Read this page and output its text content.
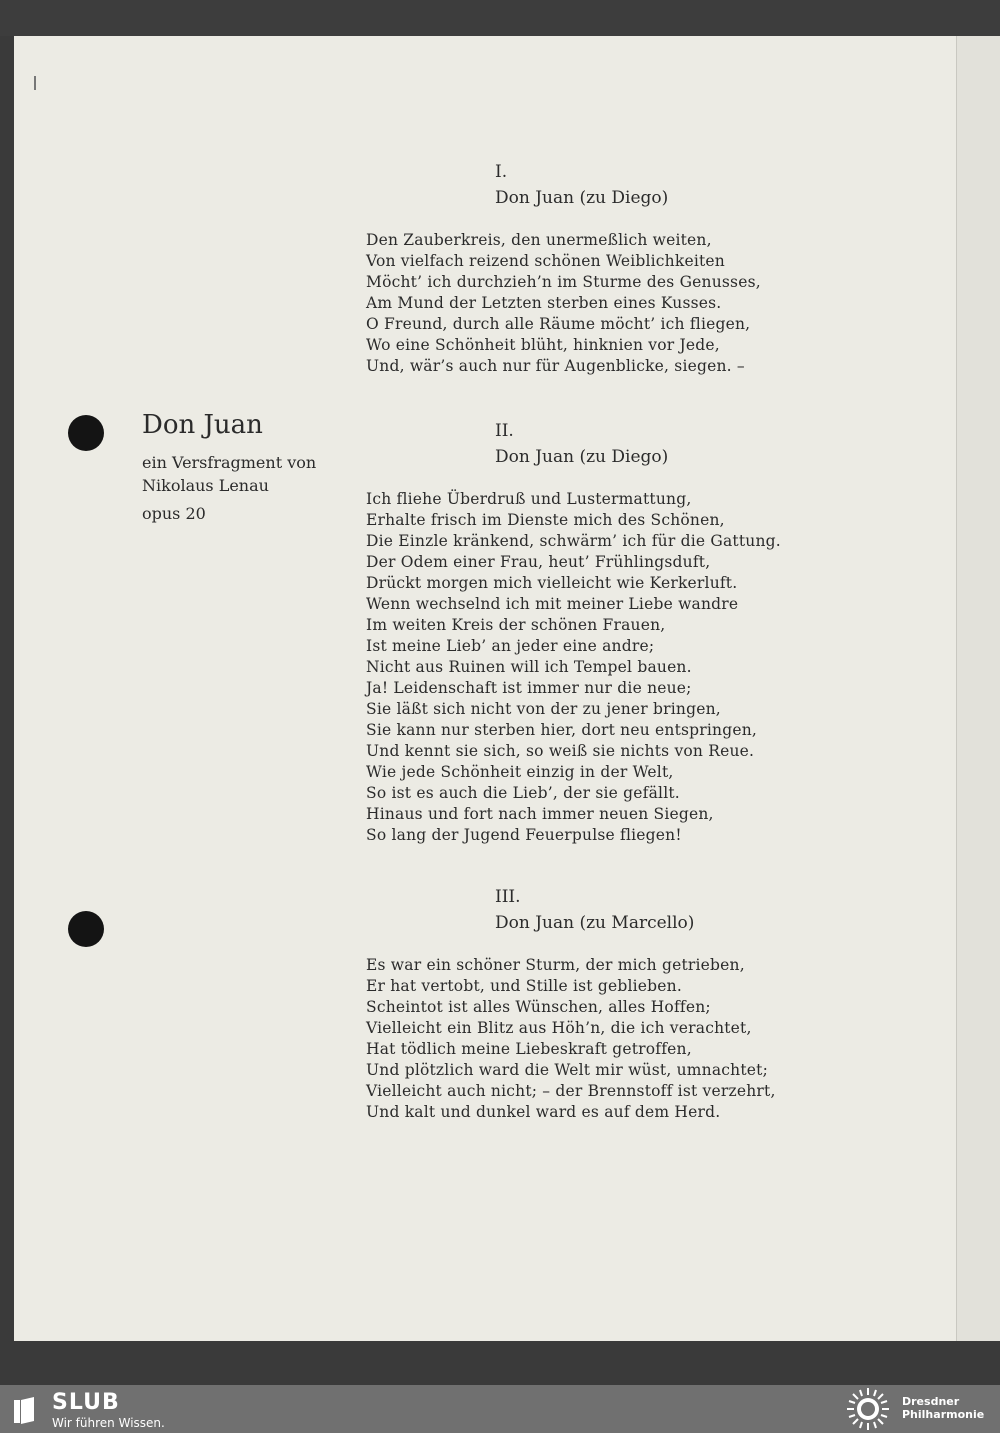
Don Juan
ein Versfragment von
Nikolaus Lenau
opus 20
I.
Don Juan (zu Diego)
Den Zauberkreis, den unermeßlich weiten,
Von vielfach reizend schönen Weiblichkeiten
Möcht’ ich durchzieh’n im Sturme des Genusses,
Am Mund der Letzten sterben eines Kusses.
O Freund, durch alle Räume möcht’ ich fliegen,
Wo eine Schönheit blüht, hinknien vor Jede,
Und, wär’s auch nur für Augenblicke, siegen. –
II.
Don Juan (zu Diego)
Ich fliehe Überdruß und Lustermattung,
Erhalte frisch im Dienste mich des Schönen,
Die Einzle kränkend, schwärm’ ich für die Gattung.
Der Odem einer Frau, heut’ Frühlingsduft,
Drückt morgen mich vielleicht wie Kerkerluft.
Wenn wechselnd ich mit meiner Liebe wandre
Im weiten Kreis der schönen Frauen,
Ist meine Lieb’ an jeder eine andre;
Nicht aus Ruinen will ich Tempel bauen.
Ja! Leidenschaft ist immer nur die neue;
Sie läßt sich nicht von der zu jener bringen,
Sie kann nur sterben hier, dort neu entspringen,
Und kennt sie sich, so weiß sie nichts von Reue.
Wie jede Schönheit einzig in der Welt,
So ist es auch die Lieb’, der sie gefällt.
Hinaus und fort nach immer neuen Siegen,
So lang der Jugend Feuerpulse fliegen!
III.
Don Juan (zu Marcello)
Es war ein schöner Sturm, der mich getrieben,
Er hat vertobt, und Stille ist geblieben.
Scheintot ist alles Wünschen, alles Hoffen;
Vielleicht ein Blitz aus Höh’n, die ich verachtet,
Hat tödlich meine Liebeskraft getroffen,
Und plötzlich ward die Welt mir wüst, umnachtet;
Vielleicht auch nicht; – der Brennstoff ist verzehrt,
Und kalt und dunkel ward es auf dem Herd.
SLUB
Wir führen Wissen.
Dresdner
Philharmonie
